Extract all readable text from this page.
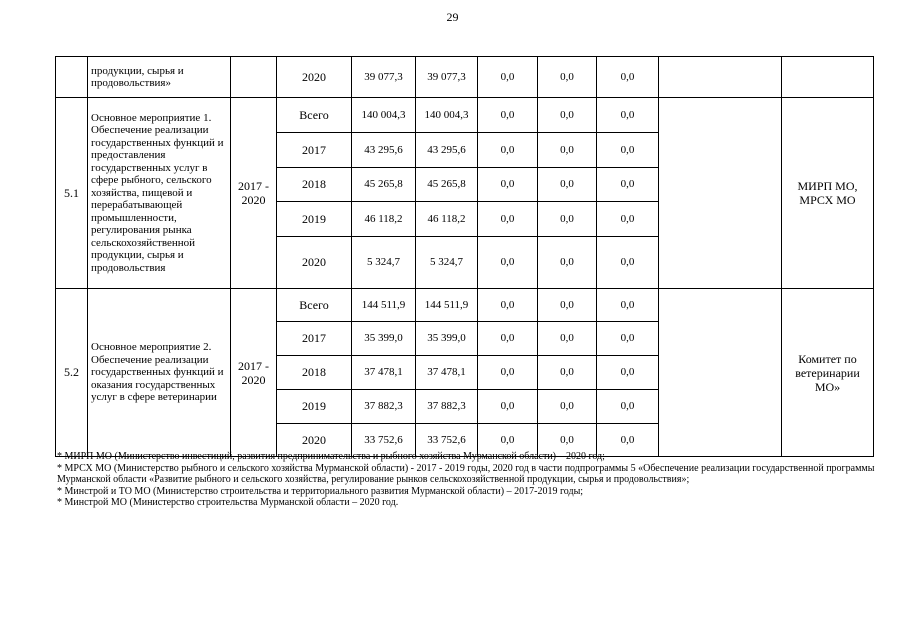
29
	продукции, сырья и продовольствия»		2020	39 077,3	39 077,3	0,0	0,0	0,0		
5.1	Основное мероприятие 1. Обеспечение реализации государственных функций и предоставления государственных услуг в сфере рыбного, сельского хозяйства, пищевой и перерабатывающей промышленности, регулирования рынка сельскохозяйственной продукции, сырья и продовольствия	2017 - 2020	Всего	140 004,3	140 004,3	0,0	0,0	0,0		МИРП МО, МРСХ МО
			2017	43 295,6	43 295,6	0,0	0,0	0,0		
			2018	45 265,8	45 265,8	0,0	0,0	0,0		
			2019	46 118,2	46 118,2	0,0	0,0	0,0		
			2020	5 324,7	5 324,7	0,0	0,0	0,0		
5.2	Основное мероприятие 2. Обеспечение реализации государственных функций и оказания государственных услуг в сфере ветеринарии	2017 - 2020	Всего	144 511,9	144 511,9	0,0	0,0	0,0		Комитет по ветеринарии МО»
			2017	35 399,0	35 399,0	0,0	0,0	0,0		
			2018	37 478,1	37 478,1	0,0	0,0	0,0		
			2019	37 882,3	37 882,3	0,0	0,0	0,0		
			2020	33 752,6	33 752,6	0,0	0,0	0,0		

* МИРП МО (Министерство инвестиций, развития предпринимательства и рыбного хозяйства Мурманской области) – 2020 год;

* МРСХ МО (Министерство рыбного и сельского хозяйства Мурманской области) - 2017 - 2019 годы, 2020 год в части подпрограммы 5 «Обеспечение реализации государственной программы Мурманской области «Развитие рыбного и сельского хозяйства, регулирование рынков сельскохозяйственной продукции, сырья и продовольствия»;

* Минстрой и ТО МО (Министерство строительства и территориального развития Мурманской области) – 2017-2019 годы;

* Минстрой МО (Министерство строительства Мурманской области – 2020 год.
